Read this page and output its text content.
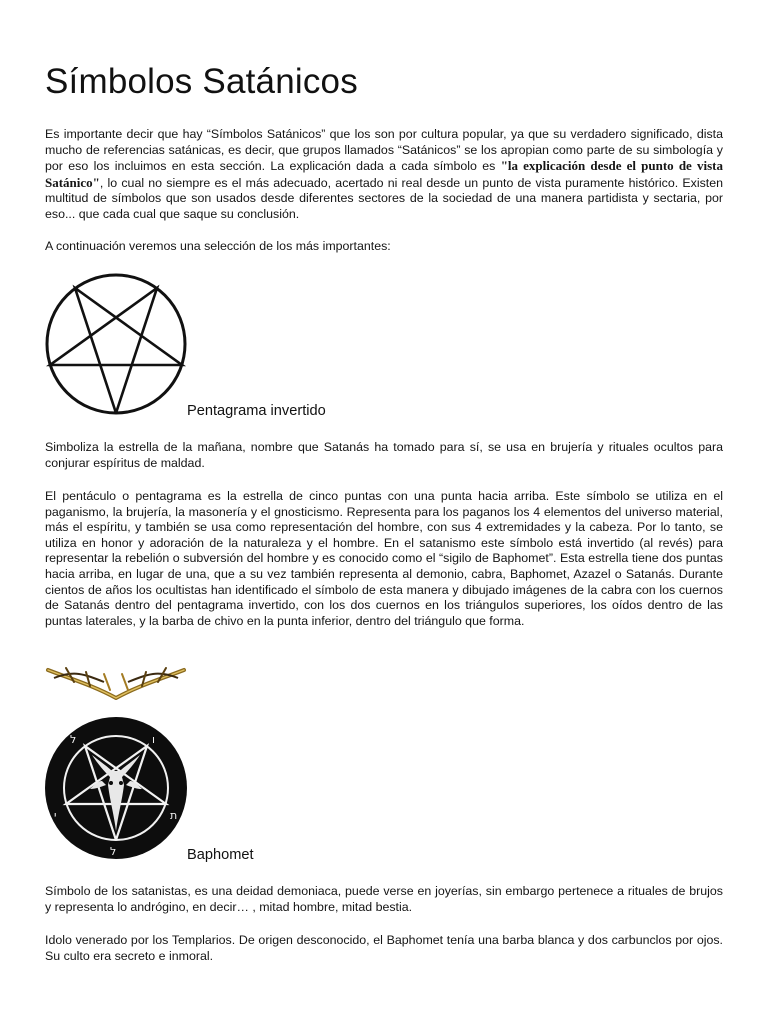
Símbolos Satánicos

Es importante decir que hay “Símbolos Satánicos” que los son por cultura popular, ya que su verdadero significado, dista mucho de referencias satánicas, es decir, que grupos llamados “Satánicos” se los apropian como parte de su simbología y por eso los incluimos en esta sección. La explicación dada a cada símbolo es "la explicación desde el punto de vista Satánico", lo cual no siempre es el más adecuado, acertado ni real desde un punto de vista puramente histórico. Existen multitud de símbolos que son usados desde diferentes sectores de la sociedad de una manera partidista y sectaria, por eso... que cada cual que saque su conclusión.

A continuación veremos una selección de los más importantes:

Pentagrama invertido

Simboliza la estrella de la mañana, nombre que Satanás ha tomado para sí, se usa en brujería y rituales ocultos para conjurar espíritus de maldad.

El pentáculo o pentagrama es la estrella de cinco puntas con una punta hacia arriba. Este símbolo se utiliza en el paganismo, la brujería, la masonería y el gnosticismo. Representa para los paganos los 4 elementos del universo material, más el espíritu, y también se usa como representación del hombre, con sus 4 extremidades y la cabeza. Por lo tanto, se utiliza en honor y adoración de la naturaleza y el hombre. En el satanismo este símbolo está invertido (al revés) para representar la rebelión o subversión del hombre y es conocido como el “sigilo de Baphomet”. Esta estrella tiene dos puntas hacia arriba, en lugar de una, que a su vez también representa al demonio, cabra, Baphomet, Azazel o Satanás. Durante cientos de años los ocultistas han identificado el símbolo de esta manera y dibujado imágenes de la cabra con los cuernos de Satanás dentro del pentagrama invertido, con los dos cuernos en los triángulos superiores, los oídos dentro de las puntas laterales, y la barba de chivo en la punta inferior, dentro del triángulo que forma.

ל	ו
י	ת
ל	Baphomet

Símbolo de los satanistas, es una deidad demoniaca, puede verse en joyerías, sin embargo pertenece a rituales de brujos y representa lo andrógino, en decir… , mitad hombre, mitad bestia.

Idolo venerado por los Templarios. De origen desconocido, el Baphomet tenía una barba blanca y dos carbunclos por ojos. Su culto era secreto e inmoral.
